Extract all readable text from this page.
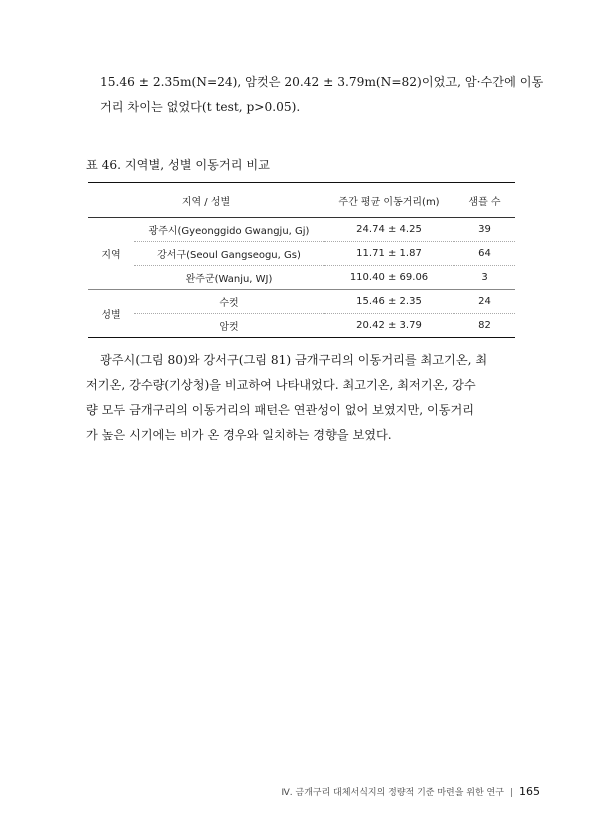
15.46 ± 2.35m(N=24), 암컷은 20.42 ± 3.79m(N=82)이었고, 암·수간에 이동
거리 차이는 없었다(t test, p>0.05).
표 46. 지역별, 성별 이동거리 비교
지역 / 성별		주간 평균 이동거리(m)	샘플 수
지역	광주시(Gyeonggido Gwangju, Gj)	24.74 ± 4.25	39
	강서구(Seoul Gangseogu, Gs)	11.71 ± 1.87	64
	완주군(Wanju, WJ)	110.40 ± 69.06	3
성별	수컷	15.46 ± 2.35	24
	암컷	20.42 ± 3.79	82
광주시(그림 80)와 강서구(그림 81) 금개구리의 이동거리를 최고기온, 최
저기온, 강수량(기상청)을 비교하여 나타내었다. 최고기온, 최저기온, 강수
량 모두 금개구리의 이동거리의 패턴은 연관성이 없어 보였지만, 이동거리
가 높은 시기에는 비가 온 경우와 일치하는 경향을 보였다.
Ⅳ. 금개구리 대체서식지의 정량적 기준 마련을 위한 연구 | 165
